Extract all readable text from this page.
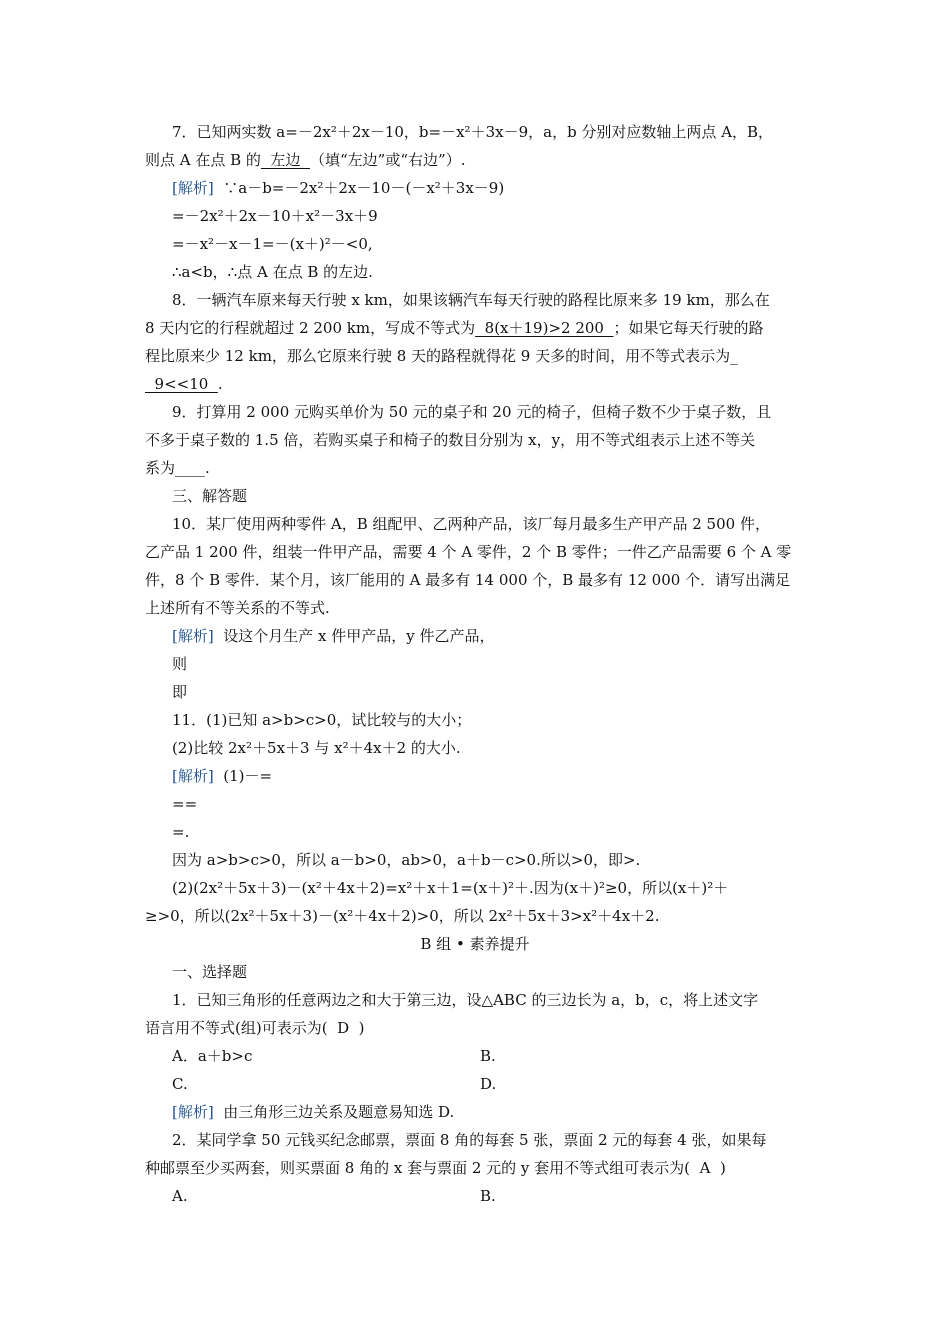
7．已知两实数 a=－2x²＋2x－10，b=－x²＋3x－9，a，b 分别对应数轴上两点 A，B，
则点 A 在点 B 的  左边  （填“左边”或“右边”）.
[解析]  ∵a－b=－2x²＋2x－10－(－x²＋3x－9)
=－2x²＋2x－10＋x²－3x＋9
=－x²－x－1=－(x＋)²－<0,
∴a<b，∴点 A 在点 B 的左边.
8．一辆汽车原来每天行驶 x km，如果该辆汽车每天行驶的路程比原来多 19 km，那么在
8 天内它的行程就超过 2 200 km，写成不等式为  8(x＋19)>2 200  ；如果它每天行驶的路
程比原来少 12 km，那么它原来行驶 8 天的路程就得花 9 天多的时间，用不等式表示为_
9<<10  .
9．打算用 2 000 元购买单价为 50 元的桌子和 20 元的椅子，但椅子数不少于桌子数，且
不多于桌子数的 1.5 倍，若购买桌子和椅子的数目分别为 x，y，用不等式组表示上述不等关
系为____.
三、解答题
10．某厂使用两种零件 A，B 组配甲、乙两种产品，该厂每月最多生产甲产品 2 500 件，
乙产品 1 200 件，组装一件甲产品，需要 4 个 A 零件，2 个 B 零件；一件乙产品需要 6 个 A 零
件，8 个 B 零件．某个月，该厂能用的 A 最多有 14 000 个，B 最多有 12 000 个．请写出满足
上述所有不等关系的不等式.
[解析]  设这个月生产 x 件甲产品，y 件乙产品，
则
即
11．(1)已知 a>b>c>0，试比较与的大小；
(2)比较 2x²＋5x＋3 与 x²＋4x＋2 的大小.
[解析]  (1)－=
==
=.
因为 a>b>c>0，所以 a－b>0，ab>0，a＋b－c>0.所以>0，即>.
(2)(2x²＋5x＋3)－(x²＋4x＋2)=x²＋x＋1=(x＋)²＋.因为(x＋)²≥0，所以(x＋)²＋
≥>0，所以(2x²＋5x＋3)－(x²＋4x＋2)>0，所以 2x²＋5x＋3>x²＋4x＋2.
B 组 • 素养提升
一、选择题
1．已知三角形的任意两边之和大于第三边，设△ABC 的三边长为 a，b，c，将上述文字
语言用不等式(组)可表示为(  D  )
A．a＋b>c	B.
C.	D.
[解析]  由三角形三边关系及题意易知选 D.
2．某同学拿 50 元钱买纪念邮票，票面 8 角的每套 5 张，票面 2 元的每套 4 张，如果每
种邮票至少买两套，则买票面 8 角的 x 套与票面 2 元的 y 套用不等式组可表示为(  A  )
A.	B.
